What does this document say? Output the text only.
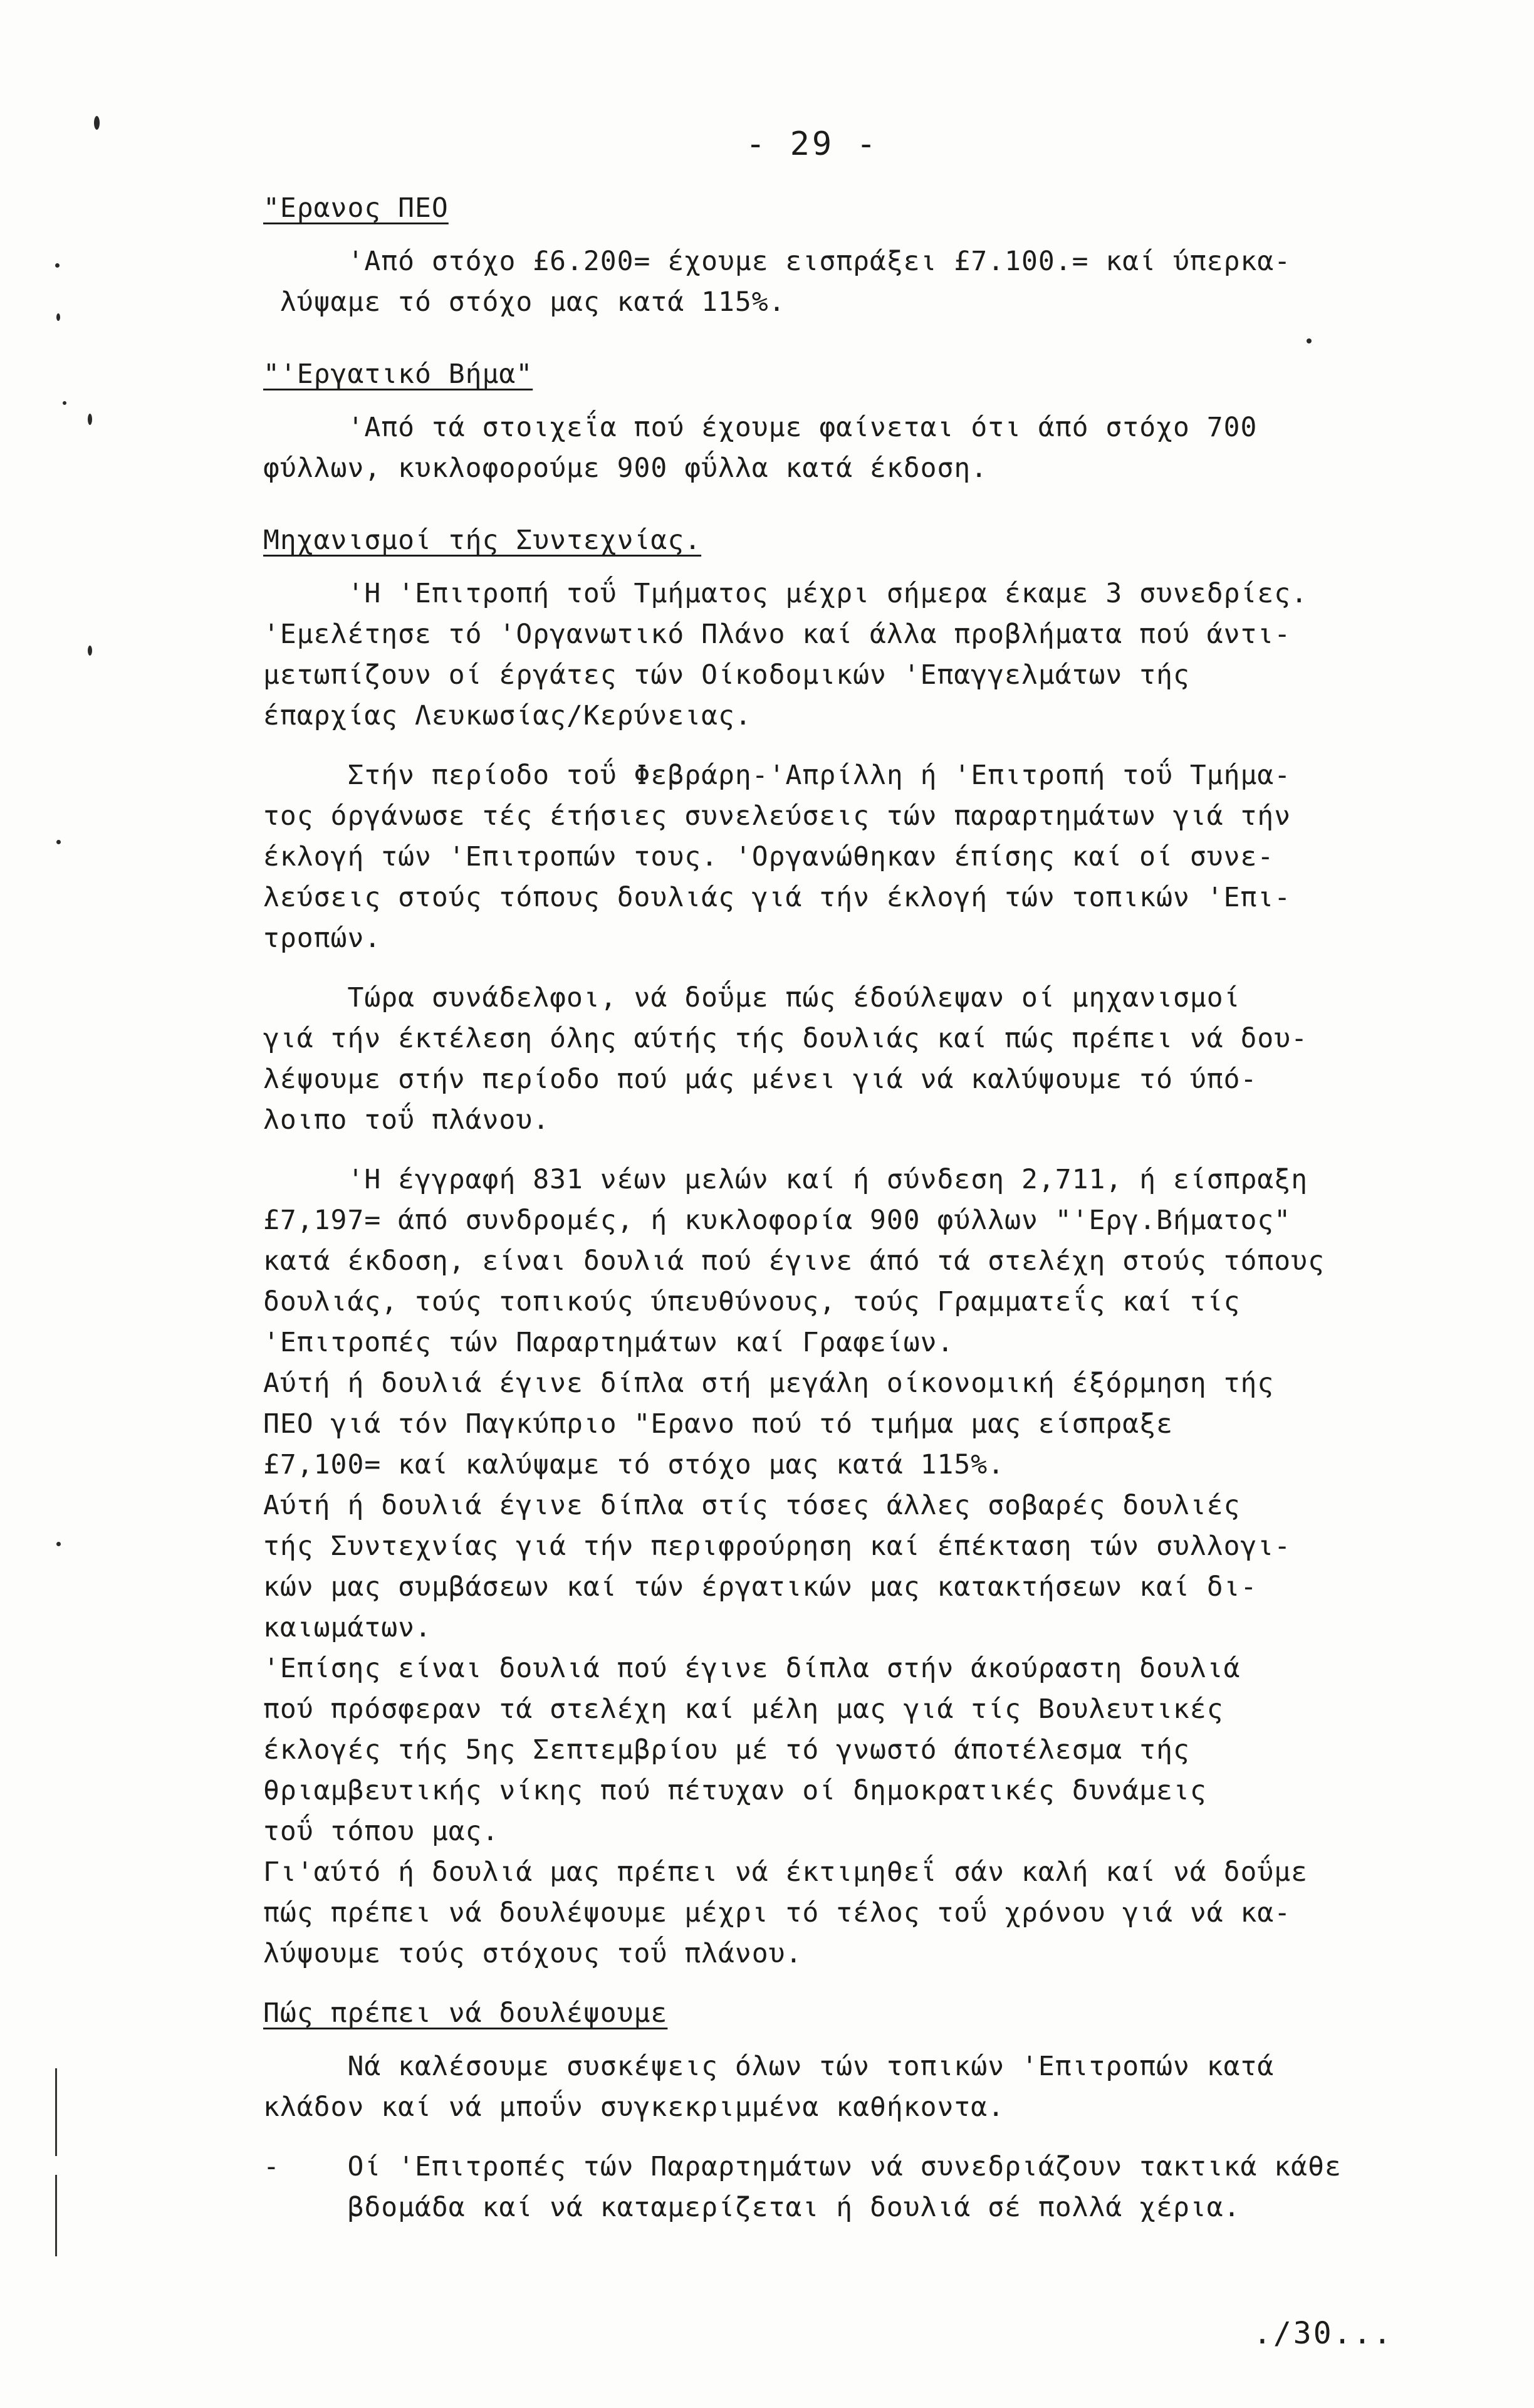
- 29 -
"Ερανος ΠΕΟ

'Από στόχο £6.200= έχουμε εισπράξει £7.100.= καί ύπερκα-
λύψαμε τό στόχο μας κατά 115%.

"'Εργατικό Βήμα"

'Από τά στοιχεΐα πού έχουμε φαίνεται ότι άπό στόχο 700
φύλλων, κυκλοφορούμε 900 φΰλλα κατά έκδοση.

Μηχανισμοί τής Συντεχνίας.

'Η 'Επιτροπή τοΰ Τμήματος μέχρι σήμερα έκαμε 3 συνεδρίες.
'Εμελέτησε τό 'Οργανωτικό Πλάνο καί άλλα προβλήματα πού άντι-
μετωπίζουν οί έργάτες τών Οίκοδομικών 'Επαγγελμάτων τής
έπαρχίας Λευκωσίας/Κερύνειας.

Στήν περίοδο τοΰ Φεβράρη-'Απρίλλη ή 'Επιτροπή τοΰ Τμήμα-
τος όργάνωσε τές έτήσιες συνελεύσεις τών παραρτημάτων γιά τήν
έκλογή τών 'Επιτροπών τους. 'Οργανώθηκαν έπίσης καί οί συνε-
λεύσεις στούς τόπους δουλιάς γιά τήν έκλογή τών τοπικών 'Επι-
τροπών.

Τώρα συνάδελφοι, νά δοΰμε πώς έδούλεψαν οί μηχανισμοί
γιά τήν έκτέλεση όλης αύτής τής δουλιάς καί πώς πρέπει νά δου-
λέψουμε στήν περίοδο πού μάς μένει γιά νά καλύψουμε τό ύπό-
λοιπο τοΰ πλάνου.

'Η έγγραφή 831 νέων μελών καί ή σύνδεση 2,711, ή είσπραξη
£7,197= άπό συνδρομές, ή κυκλοφορία 900 φύλλων "'Εργ.Βήματος"
κατά έκδοση, είναι δουλιά πού έγινε άπό τά στελέχη στούς τόπους
δουλιάς, τούς τοπικούς ύπευθύνους, τούς Γραμματεΐς καί τίς
'Επιτροπές τών Παραρτημάτων καί Γραφείων.
Αύτή ή δουλιά έγινε δίπλα στή μεγάλη οίκονομική έξόρμηση τής
ΠΕΟ γιά τόν Παγκύπριο "Ερανο πού τό τμήμα μας είσπραξε
£7,100= καί καλύψαμε τό στόχο μας κατά 115%.
Αύτή ή δουλιά έγινε δίπλα στίς τόσες άλλες σοβαρές δουλιές
τής Συντεχνίας γιά τήν περιφρούρηση καί έπέκταση τών συλλογι-
κών μας συμβάσεων καί τών έργατικών μας κατακτήσεων καί δι-
καιωμάτων.
'Επίσης είναι δουλιά πού έγινε δίπλα στήν άκούραστη δουλιά
πού πρόσφεραν τά στελέχη καί μέλη μας γιά τίς Βουλευτικές
έκλογές τής 5ης Σεπτεμβρίου μέ τό γνωστό άποτέλεσμα τής
θριαμβευτικής νίκης πού πέτυχαν οί δημοκρατικές δυνάμεις
τοΰ τόπου μας.
Γι'αύτό ή δουλιά μας πρέπει νά έκτιμηθεΐ σάν καλή καί νά δοΰμε
πώς πρέπει νά δουλέψουμε μέχρι τό τέλος τοΰ χρόνου γιά νά κα-
λύψουμε τούς στόχους τοΰ πλάνου.

Πώς πρέπει νά δουλέψουμε

Νά καλέσουμε συσκέψεις όλων τών τοπικών 'Επιτροπών κατά
κλάδον καί νά μποΰν συγκεκριμμένα καθήκοντα.

-    Οί 'Επιτροπές τών Παραρτημάτων νά συνεδριάζουν τακτικά κάθε
βδομάδα καί νά καταμερίζεται ή δουλιά σέ πολλά χέρια.

./30...
